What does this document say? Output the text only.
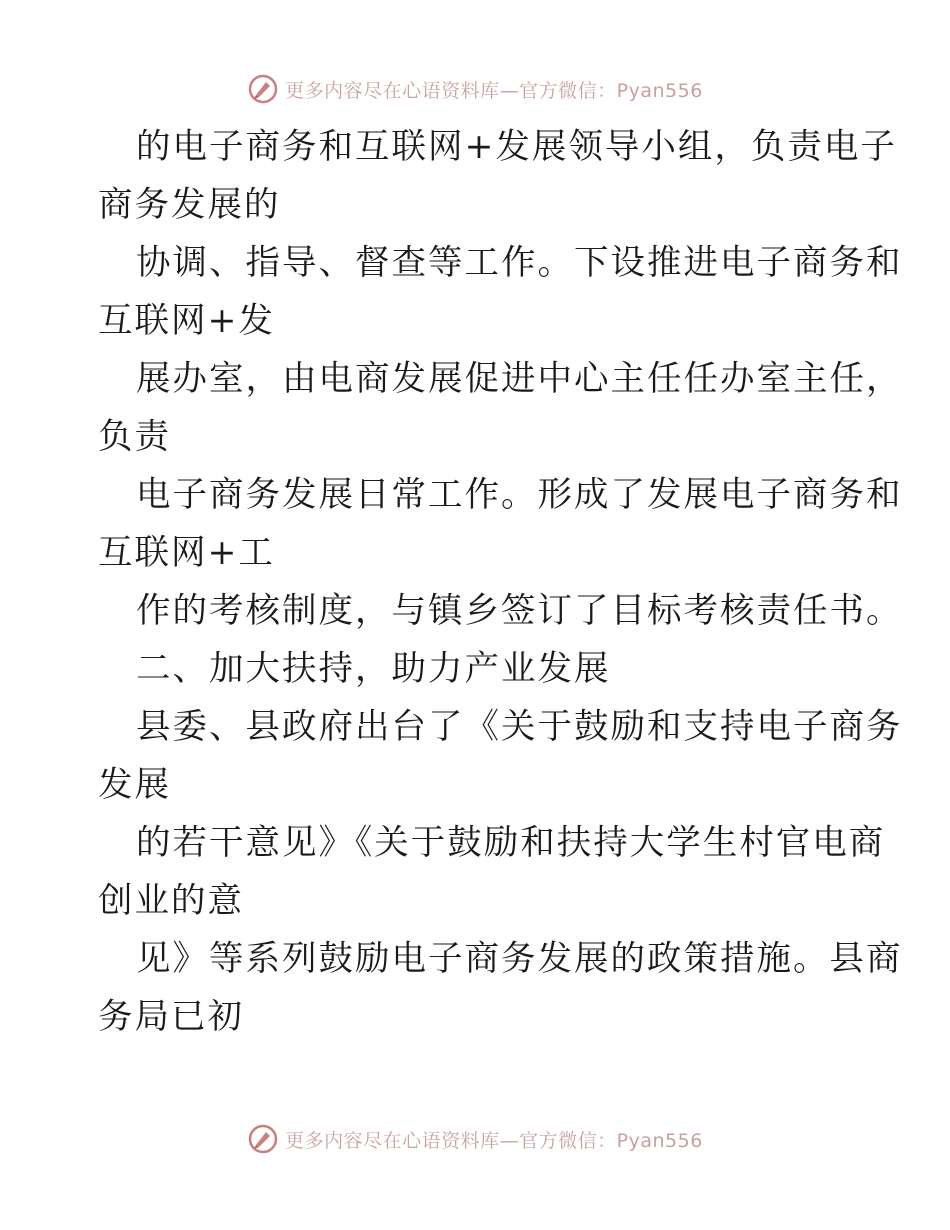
更多内容尽在心语资料库—官方微信：Pyan556
的电子商务和互联网+发展领导小组，负责电子
商务发展的
协调、指导、督查等工作。下设推进电子商务和
互联网+发
展办室，由电商发展促进中心主任任办室主任，
负责
电子商务发展日常工作。形成了发展电子商务和
互联网+工
作的考核制度，与镇乡签订了目标考核责任书。
二、加大扶持，助力产业发展
县委、县政府出台了《关于鼓励和支持电子商务
发展
的若干意见》《关于鼓励和扶持大学生村官电商
创业的意
见》等系列鼓励电子商务发展的政策措施。县商
务局已初
更多内容尽在心语资料库—官方微信：Pyan556
